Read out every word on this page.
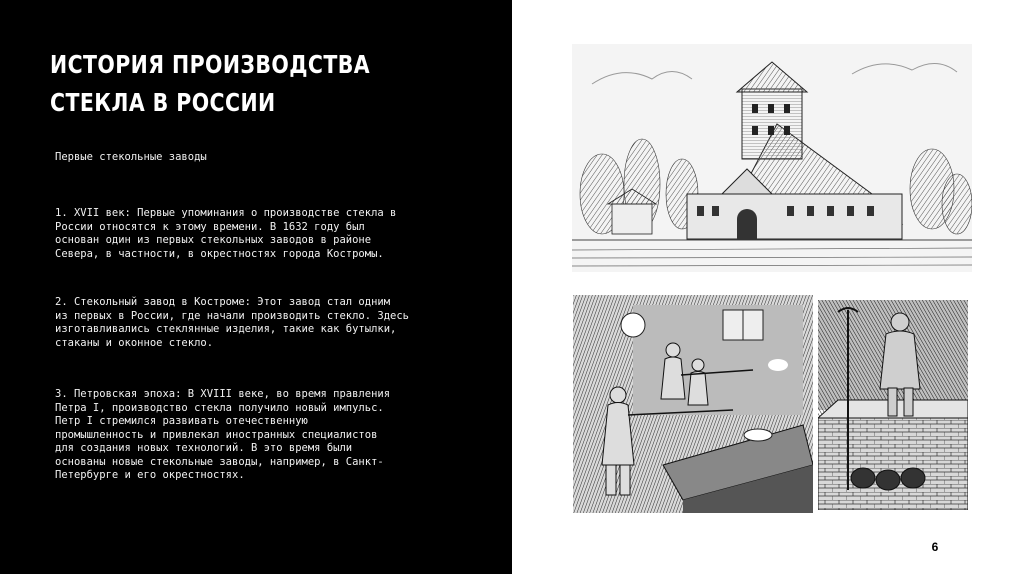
ИСТОРИЯ ПРОИЗВОДСТВА
СТЕКЛА В РОССИИ
Первые стекольные заводы
1. XVII век: Первые упоминания о производстве стекла в
России относятся к этому времени. В 1632 году был
основан один из первых стекольных заводов в районе
Севера, в частности, в окрестностях города Костромы.
2. Стекольный завод в Костроме: Этот завод стал одним
из первых в России, где начали производить стекло. Здесь
изготавливались стеклянные изделия, такие как бутылки,
стаканы и оконное стекло.
3. Петровская эпоха: В XVIII веке, во время правления
Петра I, производство стекла получило новый импульс.
Петр I стремился развивать отечественную
промышленность и привлекал иностранных специалистов
для создания новых технологий. В это время были
основаны новые стекольные заводы, например, в Санкт-
Петербурге и его окрестностях.
6
